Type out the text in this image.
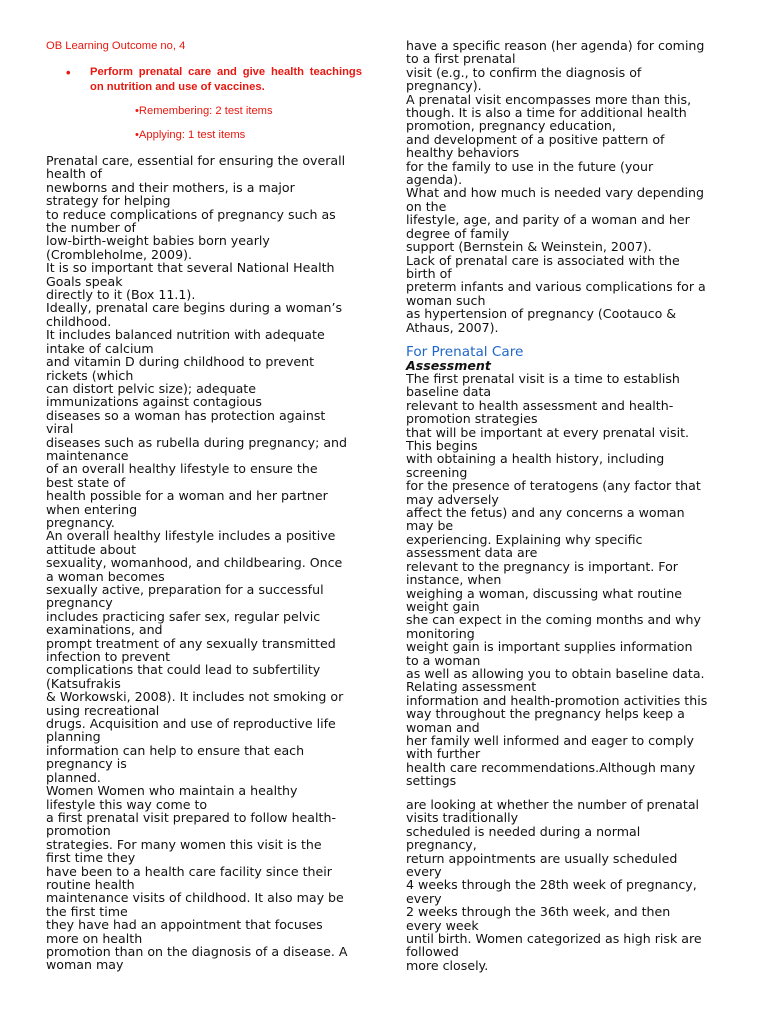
OB Learning Outcome no, 4
• Perform prenatal care and give health teachings on nutrition and use of vaccines.
•Remembering: 2 test items
•Applying: 1 test items
Prenatal care, essential for ensuring the overall
health of
newborns and their mothers, is a major
strategy for helping
to reduce complications of pregnancy such as
the number of
low-birth-weight babies born yearly
(Crombleholme, 2009).
It is so important that several National Health
Goals speak
directly to it (Box 11.1).
Ideally, prenatal care begins during a woman’s
childhood.
It includes balanced nutrition with adequate
intake of calcium
and vitamin D during childhood to prevent
rickets (which
can distort pelvic size); adequate
immunizations against contagious
diseases so a woman has protection against
viral
diseases such as rubella during pregnancy; and
maintenance
of an overall healthy lifestyle to ensure the
best state of
health possible for a woman and her partner
when entering
pregnancy.
An overall healthy lifestyle includes a positive
attitude about
sexuality, womanhood, and childbearing. Once
a woman becomes
sexually active, preparation for a successful
pregnancy
includes practicing safer sex, regular pelvic
examinations, and
prompt treatment of any sexually transmitted
infection to prevent
complications that could lead to subfertility
(Katsufrakis
& Workowski, 2008). It includes not smoking or
using recreational
drugs. Acquisition and use of reproductive life
planning
information can help to ensure that each
pregnancy is
planned.
Women Women who maintain a healthy
lifestyle this way come to
a first prenatal visit prepared to follow health-
promotion
strategies. For many women this visit is the
first time they
have been to a health care facility since their
routine health
maintenance visits of childhood. It also may be
the first time
they have had an appointment that focuses
more on health
promotion than on the diagnosis of a disease. A
woman may
have a specific reason (her agenda) for coming
to a first prenatal
visit (e.g., to confirm the diagnosis of
pregnancy).
A prenatal visit encompasses more than this,
though. It is also a time for additional health
promotion, pregnancy education,
and development of a positive pattern of
healthy behaviors
for the family to use in the future (your
agenda).
What and how much is needed vary depending
on the
lifestyle, age, and parity of a woman and her
degree of family
support (Bernstein & Weinstein, 2007).
Lack of prenatal care is associated with the
birth of
preterm infants and various complications for a
woman such
as hypertension of pregnancy (Cootauco &
Athaus, 2007).
For Prenatal Care
Assessment
The first prenatal visit is a time to establish
baseline data
relevant to health assessment and health-
promotion strategies
that will be important at every prenatal visit.
This begins
with obtaining a health history, including
screening
for the presence of teratogens (any factor that
may adversely
affect the fetus) and any concerns a woman
may be
experiencing. Explaining why specific
assessment data are
relevant to the pregnancy is important. For
instance, when
weighing a woman, discussing what routine
weight gain
she can expect in the coming months and why
monitoring
weight gain is important supplies information
to a woman
as well as allowing you to obtain baseline data.
Relating assessment
information and health-promotion activities this
way throughout the pregnancy helps keep a
woman and
her family well informed and eager to comply
with further
health care recommendations.Although many
settings
are looking at whether the number of prenatal
visits traditionally
scheduled is needed during a normal
pregnancy,
return appointments are usually scheduled
every
4 weeks through the 28th week of pregnancy,
every
2 weeks through the 36th week, and then
every week
until birth. Women categorized as high risk are
followed
more closely.
